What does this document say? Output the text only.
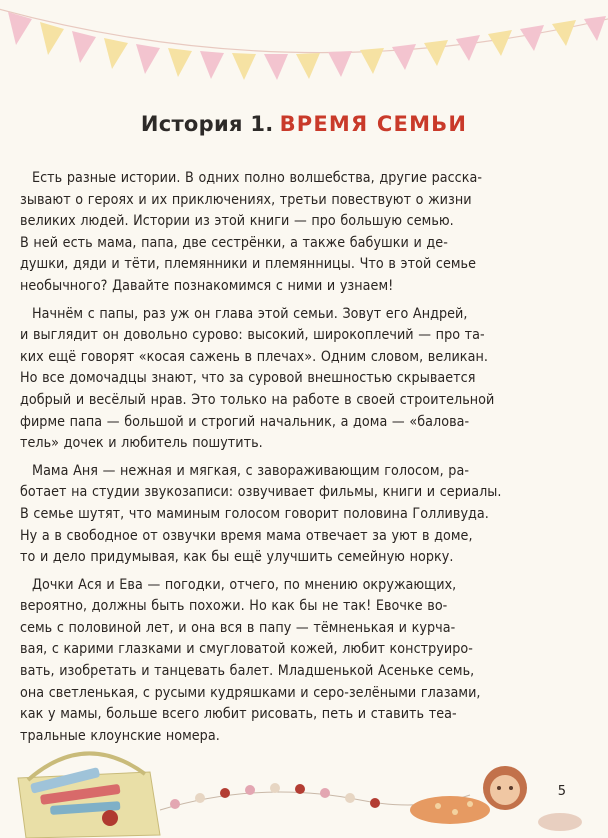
История 1. ВРЕМЯ СЕМЬИ
Есть разные истории. В одних полно волшебства, другие расска-
зывают о героях и их приключениях, третьи повествуют о жизни
великих людей. Истории из этой книги — про большую семью.
В ней есть мама, папа, две сестрёнки, а также бабушки и де-
душки, дяди и тёти, племянники и племянницы. Что в этой семье
необычного? Давайте познакомимся с ними и узнаем!
Начнём с папы, раз уж он глава этой семьи. Зовут его Андрей,
и выглядит он довольно сурово: высокий, широкоплечий — про та-
ких ещё говорят «косая сажень в плечах». Одним словом, великан.
Но все домочадцы знают, что за суровой внешностью скрывается
добрый и весёлый нрав. Это только на работе в своей строительной
фирме папа — большой и строгий начальник, а дома — «балова-
тель» дочек и любитель пошутить.
Мама Аня — нежная и мягкая, с завораживающим голосом, ра-
ботает на студии звукозаписи: озвучивает фильмы, книги и сериалы.
В семье шутят, что маминым голосом говорит половина Голливуда.
Ну а в свободное от озвучки время мама отвечает за уют в доме,
то и дело придумывая, как бы ещё улучшить семейную норку.
Дочки Ася и Ева — погодки, отчего, по мнению окружающих,
вероятно, должны быть похожи. Но как бы не так! Евочке во-
семь с половиной лет, и она вся в папу — тёмненькая и курча-
вая, с карими глазками и смугловатой кожей, любит конструиро-
вать, изобретать и танцевать балет. Младшенькой Асеньке семь,
она светленькая, с русыми кудряшками и серо-зелёными глазами,
как у мамы, больше всего любит рисовать, петь и ставить теа-
тральные клоунские номера.
5
